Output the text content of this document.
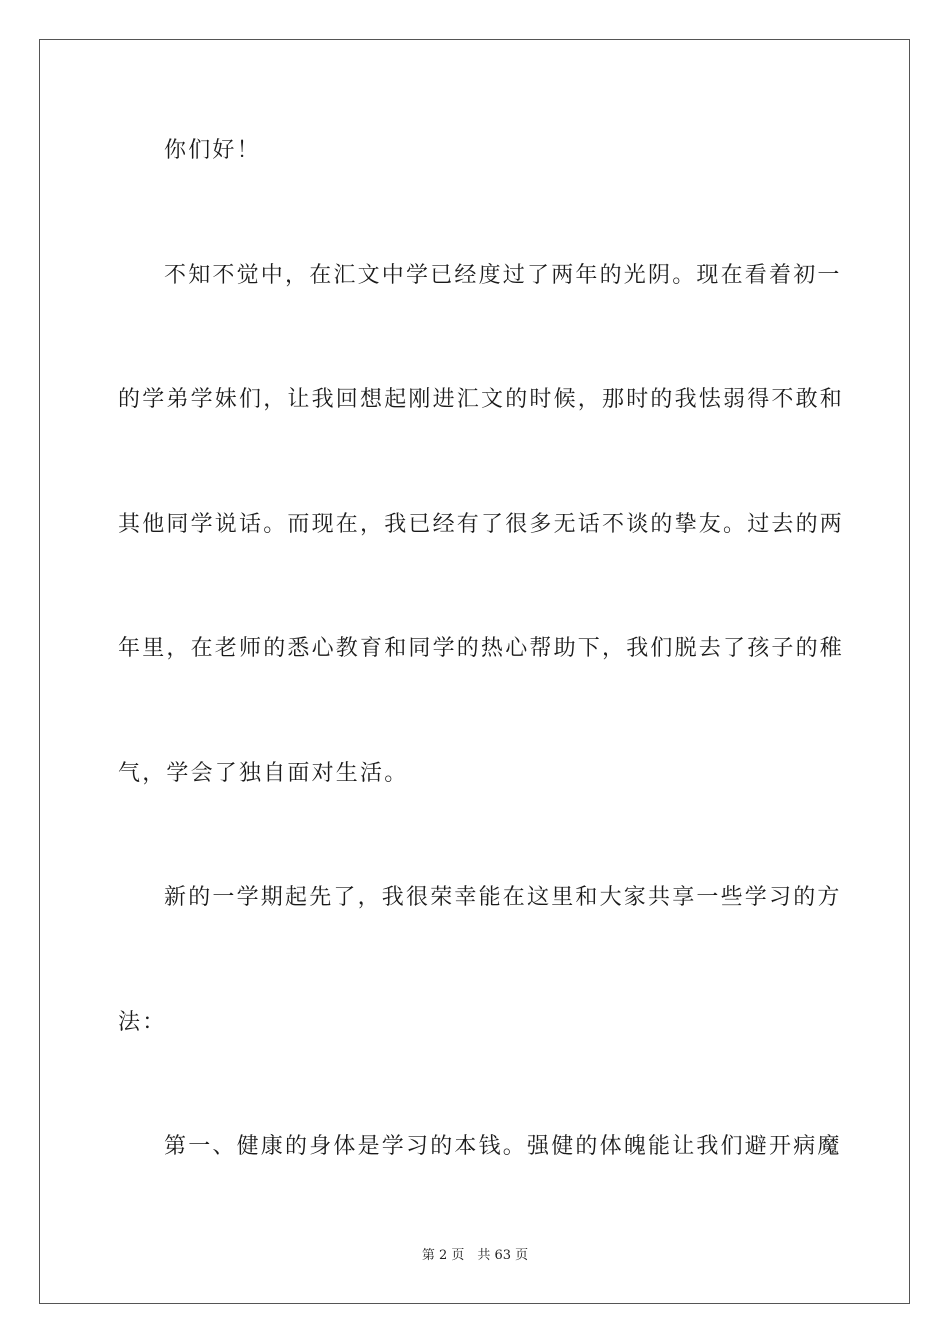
你们好！
不知不觉中，在汇文中学已经度过了两年的光阴。现在看着初一
的学弟学妹们，让我回想起刚进汇文的时候，那时的我怯弱得不敢和
其他同学说话。而现在，我已经有了很多无话不谈的挚友。过去的两
年里，在老师的悉心教育和同学的热心帮助下，我们脱去了孩子的稚
气，学会了独自面对生活。
新的一学期起先了，我很荣幸能在这里和大家共享一些学习的方
法：
第一、健康的身体是学习的本钱。强健的体魄能让我们避开病魔
第 2 页　共 63 页
